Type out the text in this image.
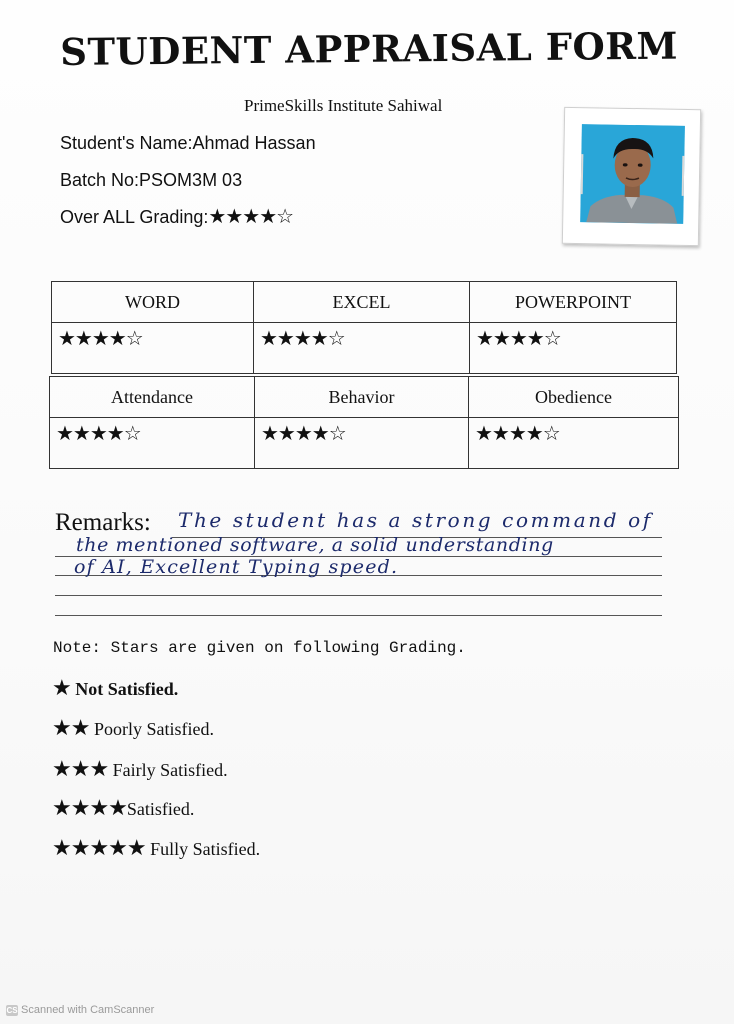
STUDENT APPRAISAL FORM
PrimeSkills Institute Sahiwal
Student's Name:Ahmad Hassan
Batch No:PSOM3M 03
Over ALL Grading:★★★★☆
WORD	EXCEL	POWERPOINT
★★★★☆	★★★★☆	★★★★☆
Attendance	Behavior	Obedience
★★★★☆	★★★★☆	★★★★☆
Remarks: The student has a strong command of
the mentioned software, a solid understanding
of AI, Excellent Typing speed.
Note: Stars are given on following Grading.
★ Not Satisfied.
★★ Poorly Satisfied.
★★★ Fairly Satisfied.
★★★★Satisfied.
★★★★★ Fully Satisfied.
CS Scanned with CamScanner
